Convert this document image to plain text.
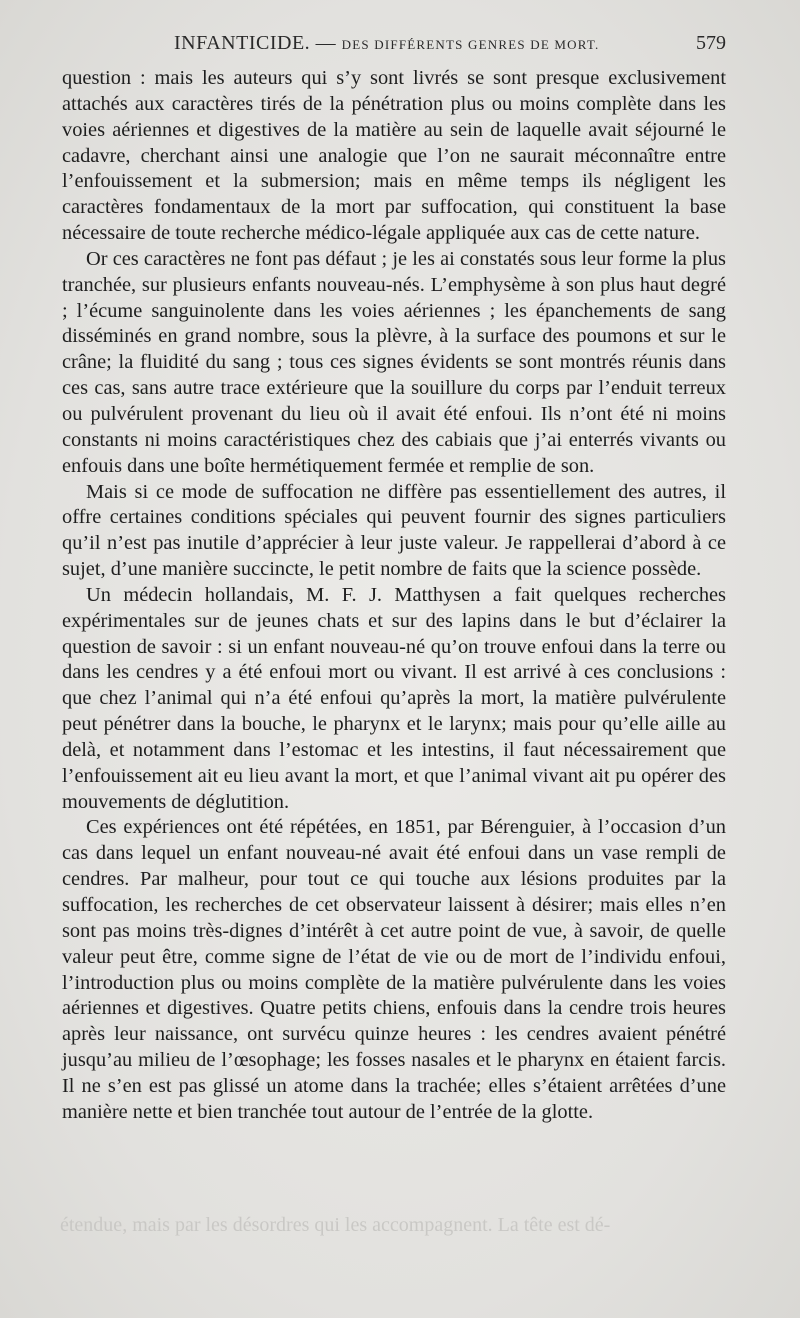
INFANTICIDE. — DES DIFFÉRENTS GENRES DE MORT.	579

question : mais les auteurs qui s’y sont livrés se sont presque exclusivement attachés aux caractères tirés de la pénétration plus ou moins complète dans les voies aériennes et digestives de la matière au sein de laquelle avait séjourné le cadavre, cherchant ainsi une analogie que l’on ne saurait méconnaître entre l’enfouissement et la submersion; mais en même temps ils négligent les caractères fondamentaux de la mort par suffocation, qui constituent la base nécessaire de toute recherche médico-légale appliquée aux cas de cette nature.

Or ces caractères ne font pas défaut ; je les ai constatés sous leur forme la plus tranchée, sur plusieurs enfants nouveau-nés. L’emphysème à son plus haut degré ; l’écume sanguinolente dans les voies aériennes ; les épanchements de sang disséminés en grand nombre, sous la plèvre, à la surface des poumons et sur le crâne; la fluidité du sang ; tous ces signes évidents se sont montrés réunis dans ces cas, sans autre trace extérieure que la souillure du corps par l’enduit terreux ou pulvérulent provenant du lieu où il avait été enfoui. Ils n’ont été ni moins constants ni moins caractéristiques chez des cabiais que j’ai enterrés vivants ou enfouis dans une boîte hermétiquement fermée et remplie de son.

Mais si ce mode de suffocation ne diffère pas essentiellement des autres, il offre certaines conditions spéciales qui peuvent fournir des signes particuliers qu’il n’est pas inutile d’apprécier à leur juste valeur. Je rappellerai d’abord à ce sujet, d’une manière succincte, le petit nombre de faits que la science possède.

Un médecin hollandais, M. F. J. Matthysen a fait quelques recherches expérimentales sur de jeunes chats et sur des lapins dans le but d’éclairer la question de savoir : si un enfant nouveau-né qu’on trouve enfoui dans la terre ou dans les cendres y a été enfoui mort ou vivant. Il est arrivé à ces conclusions : que chez l’animal qui n’a été enfoui qu’après la mort, la matière pulvérulente peut pénétrer dans la bouche, le pharynx et le larynx; mais pour qu’elle aille au delà, et notamment dans l’estomac et les intestins, il faut nécessairement que l’enfouissement ait eu lieu avant la mort, et que l’animal vivant ait pu opérer des mouvements de déglutition.

Ces expériences ont été répétées, en 1851, par Bérenguier, à l’occasion d’un cas dans lequel un enfant nouveau-né avait été enfoui dans un vase rempli de cendres. Par malheur, pour tout ce qui touche aux lésions produites par la suffocation, les recherches de cet observateur laissent à désirer; mais elles n’en sont pas moins très-dignes d’intérêt à cet autre point de vue, à savoir, de quelle valeur peut être, comme signe de l’état de vie ou de mort de l’individu enfoui, l’introduction plus ou moins complète de la matière pulvérulente dans les voies aériennes et digestives. Quatre petits chiens, enfouis dans la cendre trois heures après leur naissance, ont survécu quinze heures : les cendres avaient pénétré jusqu’au milieu de l’œsophage; les fosses nasales et le pharynx en étaient farcis. Il ne s’en est pas glissé un atome dans la trachée; elles s’étaient arrêtées d’une manière nette et bien tranchée tout autour de l’entrée de la glotte.

étendue, mais par les désordres qui les accompagnent. La tête est dé-
